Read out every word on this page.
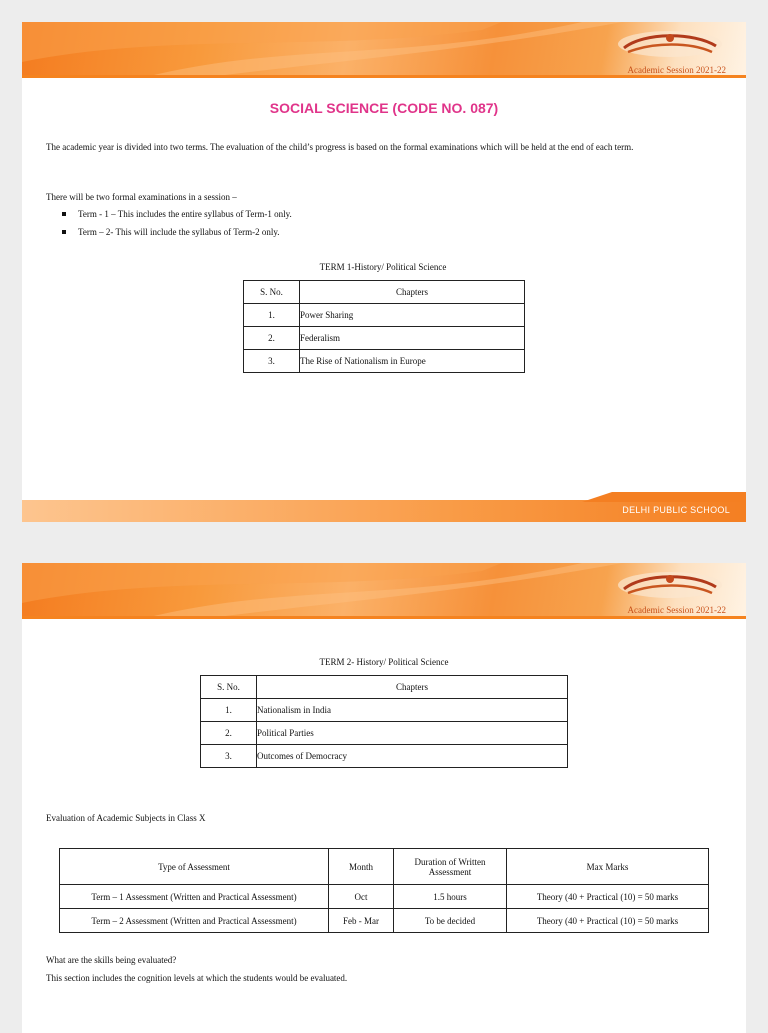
Academic Session 2021-22
SOCIAL SCIENCE (CODE NO. 087)
The academic year is divided into two terms. The evaluation of the child’s progress is based on the formal examinations which will be held at the end of each term.
There will be two formal examinations in a session –
Term - 1 – This includes the entire syllabus of Term-1 only.
Term – 2- This will include the syllabus of Term-2 only.
TERM 1-History/ Political Science
S. No.	Chapters
1.	Power Sharing
2.	Federalism
3.	The Rise of Nationalism in Europe
DELHI PUBLIC SCHOOL
Academic Session 2021-22
TERM 2- History/ Political Science
S. No.	Chapters
1.	Nationalism in India
2.	Political Parties
3.	Outcomes of Democracy
Evaluation of Academic Subjects in Class X
Type of Assessment	Month	Duration of Written Assessment	Max Marks
Term – 1 Assessment (Written and Practical Assessment)	Oct	1.5 hours	Theory (40 + Practical (10) = 50 marks
Term – 2 Assessment (Written and Practical Assessment)	Feb - Mar	To be decided	Theory (40 + Practical (10) = 50 marks
What are the skills being evaluated?
This section includes the cognition levels at which the students would be evaluated.
